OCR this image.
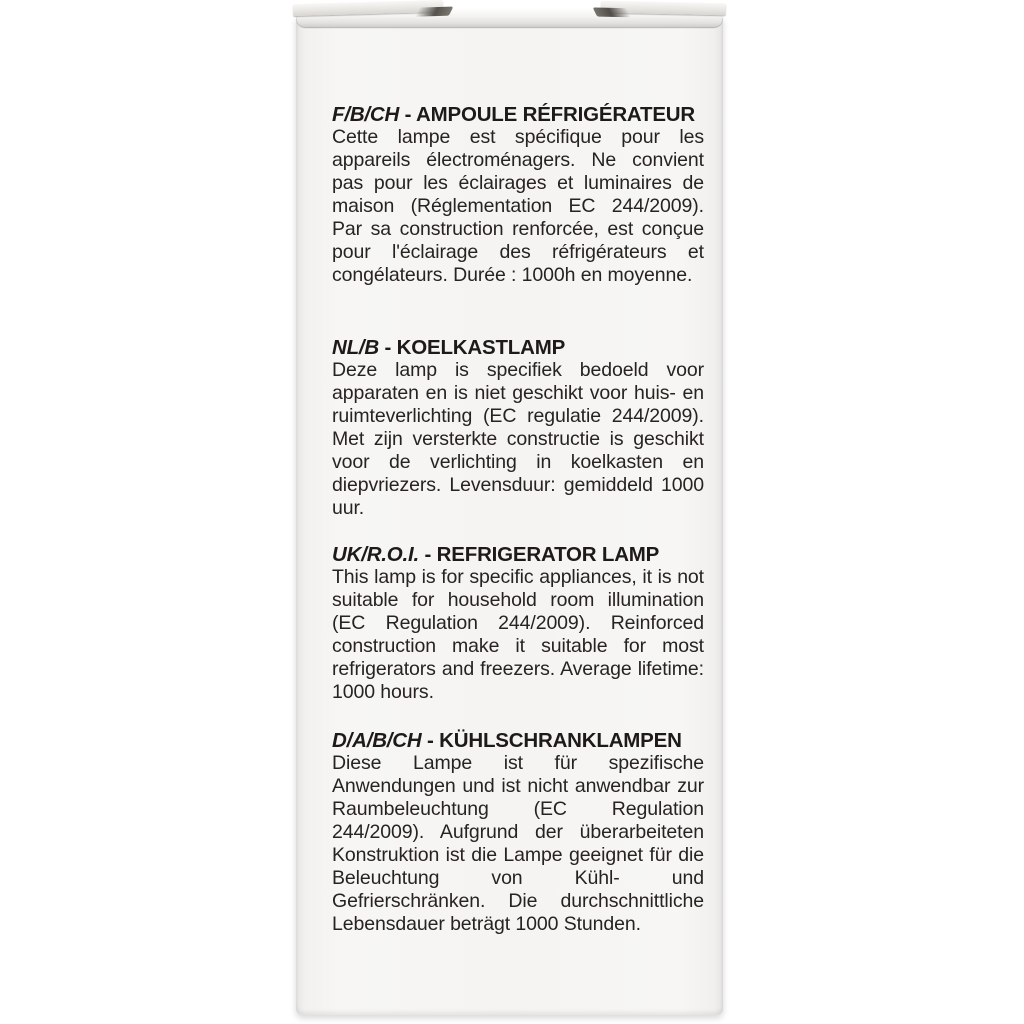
F/B/CH - AMPOULE RÉFRIGÉRATEUR

Cette lampe est spécifique pour les appareils électroménagers. Ne convient pas pour les éclairages et luminaires de maison (Réglementation EC 244/2009). Par sa construction renforcée, est conçue pour l'éclairage des réfrigérateurs et congélateurs. Durée : 1000h en moyenne.

NL/B - KOELKASTLAMP

Deze lamp is specifiek bedoeld voor apparaten en is niet geschikt voor huis- en ruimteverlichting (EC regulatie 244/2009). Met zijn versterkte constructie is geschikt voor de verlichting in koelkasten en diepvriezers. Levensduur: gemiddeld 1000 uur.

UK/R.O.I. - REFRIGERATOR LAMP

This lamp is for specific appliances, it is not suitable for household room illumination (EC Regulation 244/2009). Reinforced construction make it suitable for most refrigerators and freezers. Average lifetime: 1000 hours.

D/A/B/CH - KÜHLSCHRANKLAMPEN

Diese Lampe ist für spezifische Anwendungen und ist nicht anwendbar zur Raumbeleuchtung (EC Regulation 244/2009). Aufgrund der überarbeiteten Konstruktion ist die Lampe geeignet für die Beleuchtung von Kühl- und Gefrierschränken. Die durchschnittliche Lebensdauer beträgt 1000 Stunden.
